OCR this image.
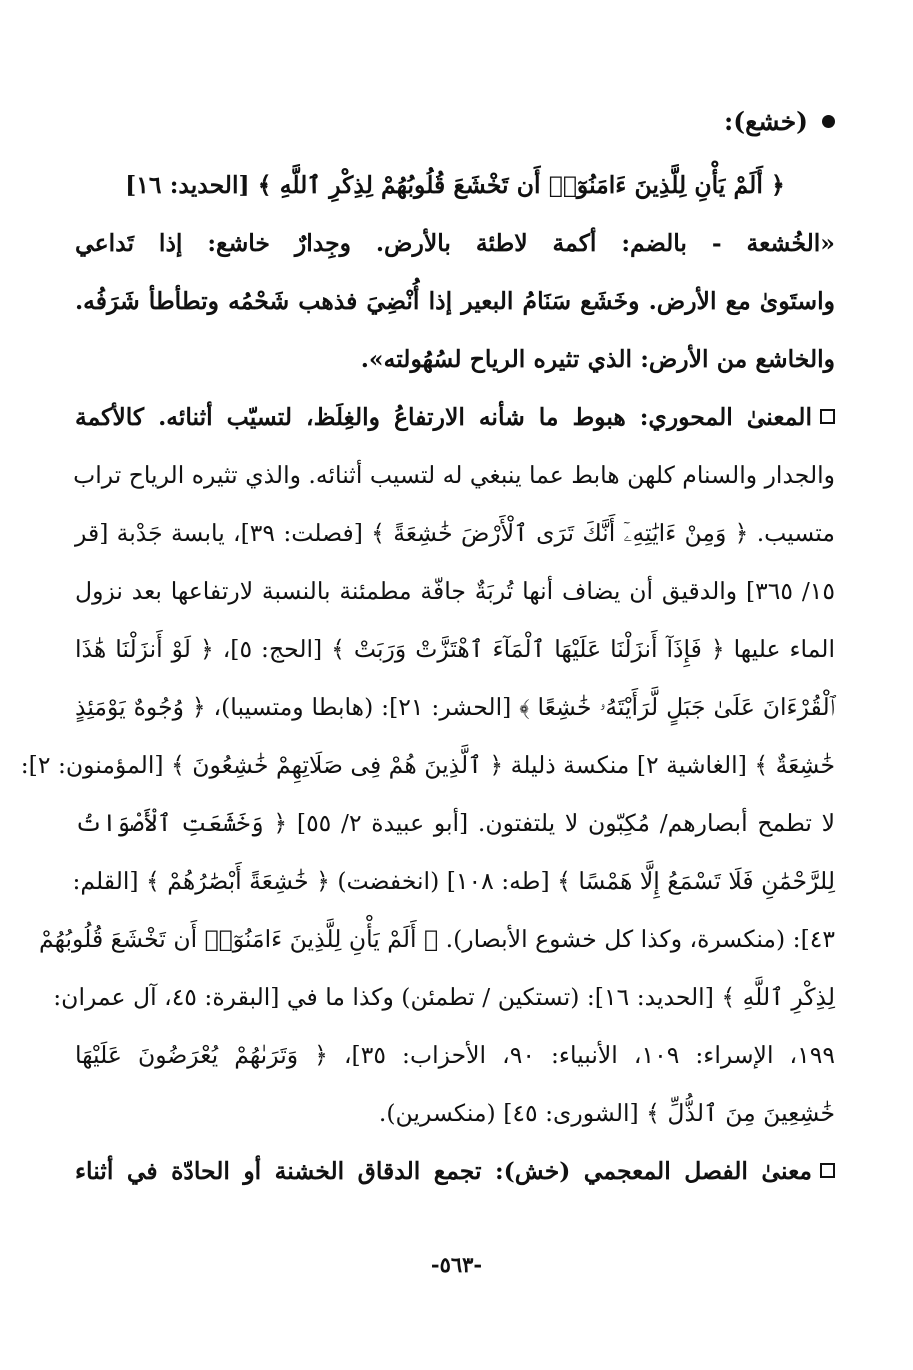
(خشع):
﴿ أَلَمْ يَأْنِ لِلَّذِينَ ءَامَنُوٓا۟ أَن تَخْشَعَ قُلُوبُهُمْ لِذِكْرِ ٱللَّهِ ﴾ [الحديد: ١٦]
«الخُشعة - بالضم: أكمة لاطئة بالأرض. وجِدارٌ خاشع: إذا تَداعي
واستَوىٰ مع الأرض. وخَشَع سَنَامُ البعير إذا أُنْضِيَ فذهب شَحْمُه وتطأطأ شَرَفُه.
والخاشع من الأرض: الذي تثيره الرياح لسُهُولته».
المعنىٰ المحوري: هبوط ما شأنه الارتفاعُ والغِلَظ، لتسيّب أثنائه. كالأكمة
والجدار والسنام كلهن هابط عما ينبغي له لتسيب أثنائه. والذي تثيره الرياح تراب
متسيب. ﴿ وَمِنْ ءَايَٰتِهِۦٓ أَنَّكَ تَرَى ٱلْأَرْضَ خَٰشِعَةً ﴾ [فصلت: ٣٩]، يابسة جَدْبة [قر
١٥/ ٣٦٥] والدقيق أن يضاف أنها تُربَةٌ جافّة مطمئنة بالنسبة لارتفاعها بعد نزول
الماء عليها ﴿ فَإِذَآ أَنزَلْنَا عَلَيْهَا ٱلْمَآءَ ٱهْتَزَّتْ وَرَبَتْ ﴾ [الحج: ٥]، ﴿ لَوْ أَنزَلْنَا هَٰذَا
ٱلْقُرْءَانَ عَلَىٰ جَبَلٍ لَّرَأَيْتَهُۥ خَٰشِعًا ﴾ [الحشر: ٢١]: (هابطا ومتسيبا)، ﴿ وُجُوهٌ يَوْمَئِذٍ
خَٰشِعَةٌ ﴾ [الغاشية ٢] منكسة ذليلة ﴿ ٱلَّذِينَ هُمْ فِى صَلَاتِهِمْ خَٰشِعُونَ ﴾ [المؤمنون: ٢]:
لا تطمح أبصارهم/ مُكِبّون لا يلتفتون. [أبو عبيدة ٢/ ٥٥] ﴿ وَخَشَعَتِ ٱلْأَصْوَاتُ
لِلرَّحْمَٰنِ فَلَا تَسْمَعُ إِلَّا هَمْسًا ﴾ [طه: ١٠٨] (انخفضت) ﴿ خَٰشِعَةً أَبْصَٰرُهُمْ ﴾ [القلم:
٤٣]: (منكسرة، وكذا كل خشوع الأبصار). ﴿ أَلَمْ يَأْنِ لِلَّذِينَ ءَامَنُوٓا۟ أَن تَخْشَعَ قُلُوبُهُمْ
لِذِكْرِ ٱللَّهِ ﴾ [الحديد: ١٦]: (تستكين / تطمئن) وكذا ما في [البقرة: ٤٥، آل عمران:
١٩٩، الإسراء: ١٠٩، الأنبياء: ٩٠، الأحزاب: ٣٥]، ﴿ وَتَرَىٰهُمْ يُعْرَضُونَ عَلَيْهَا
خَٰشِعِينَ مِنَ ٱلذُّلِّ ﴾ [الشورى: ٤٥] (منكسرين).
معنىٰ الفصل المعجمي (خش): تجمع الدقاق الخشنة أو الحادّة في أثناء
-٥٦٣-
